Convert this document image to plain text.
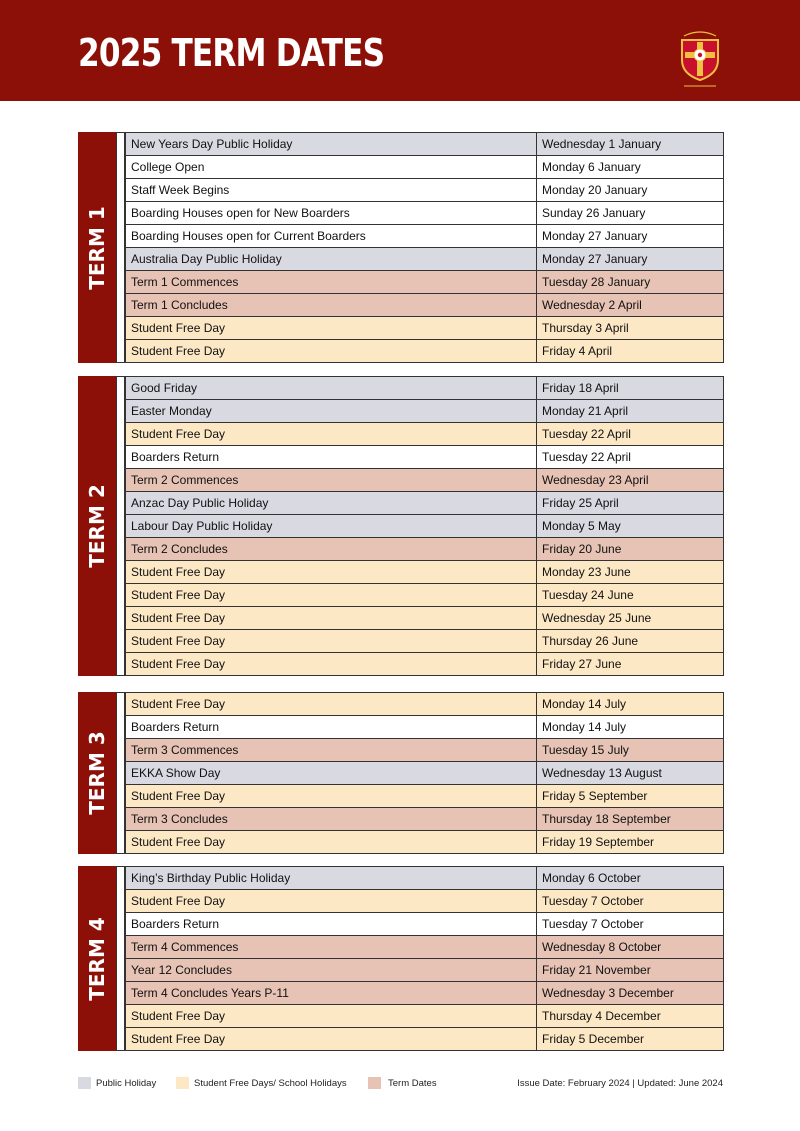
2025 TERM DATES
TERM 1
New Years Day Public Holiday	Wednesday 1 January
College Open	Monday 6 January
Staff Week Begins	Monday 20 January
Boarding Houses open for New Boarders	Sunday 26 January
Boarding Houses open for Current Boarders	Monday 27 January
Australia Day Public Holiday	Monday 27 January
Term 1 Commences	Tuesday 28 January
Term 1 Concludes	Wednesday 2 April
Student Free Day	Thursday 3 April
Student Free Day	Friday 4 April
TERM 2
Good Friday	Friday 18 April
Easter Monday	Monday 21 April
Student Free Day	Tuesday 22 April
Boarders Return	Tuesday 22 April
Term 2 Commences	Wednesday 23 April
Anzac Day Public Holiday	Friday 25 April
Labour Day Public Holiday	Monday 5 May
Term 2 Concludes	Friday 20 June
Student Free Day	Monday 23 June
Student Free Day	Tuesday 24 June
Student Free Day	Wednesday 25 June
Student Free Day	Thursday 26 June
Student Free Day	Friday 27 June
TERM 3
Student Free Day	Monday 14 July
Boarders Return	Monday 14 July
Term 3 Commences	Tuesday 15 July
EKKA Show Day	Wednesday 13 August
Student Free Day	Friday 5 September
Term 3 Concludes	Thursday 18 September
Student Free Day	Friday 19 September
TERM 4
King’s Birthday Public Holiday	Monday 6 October
Student Free Day	Tuesday 7 October
Boarders Return	Tuesday 7 October
Term 4 Commences	Wednesday 8 October
Year 12 Concludes	Friday 21 November
Term 4 Concludes Years P-11	Wednesday 3 December
Student Free Day	Thursday 4 December
Student Free Day	Friday 5 December
Public Holiday	Student Free Days/ School Holidays	Term Dates	Issue Date: February 2024 | Updated: June 2024
